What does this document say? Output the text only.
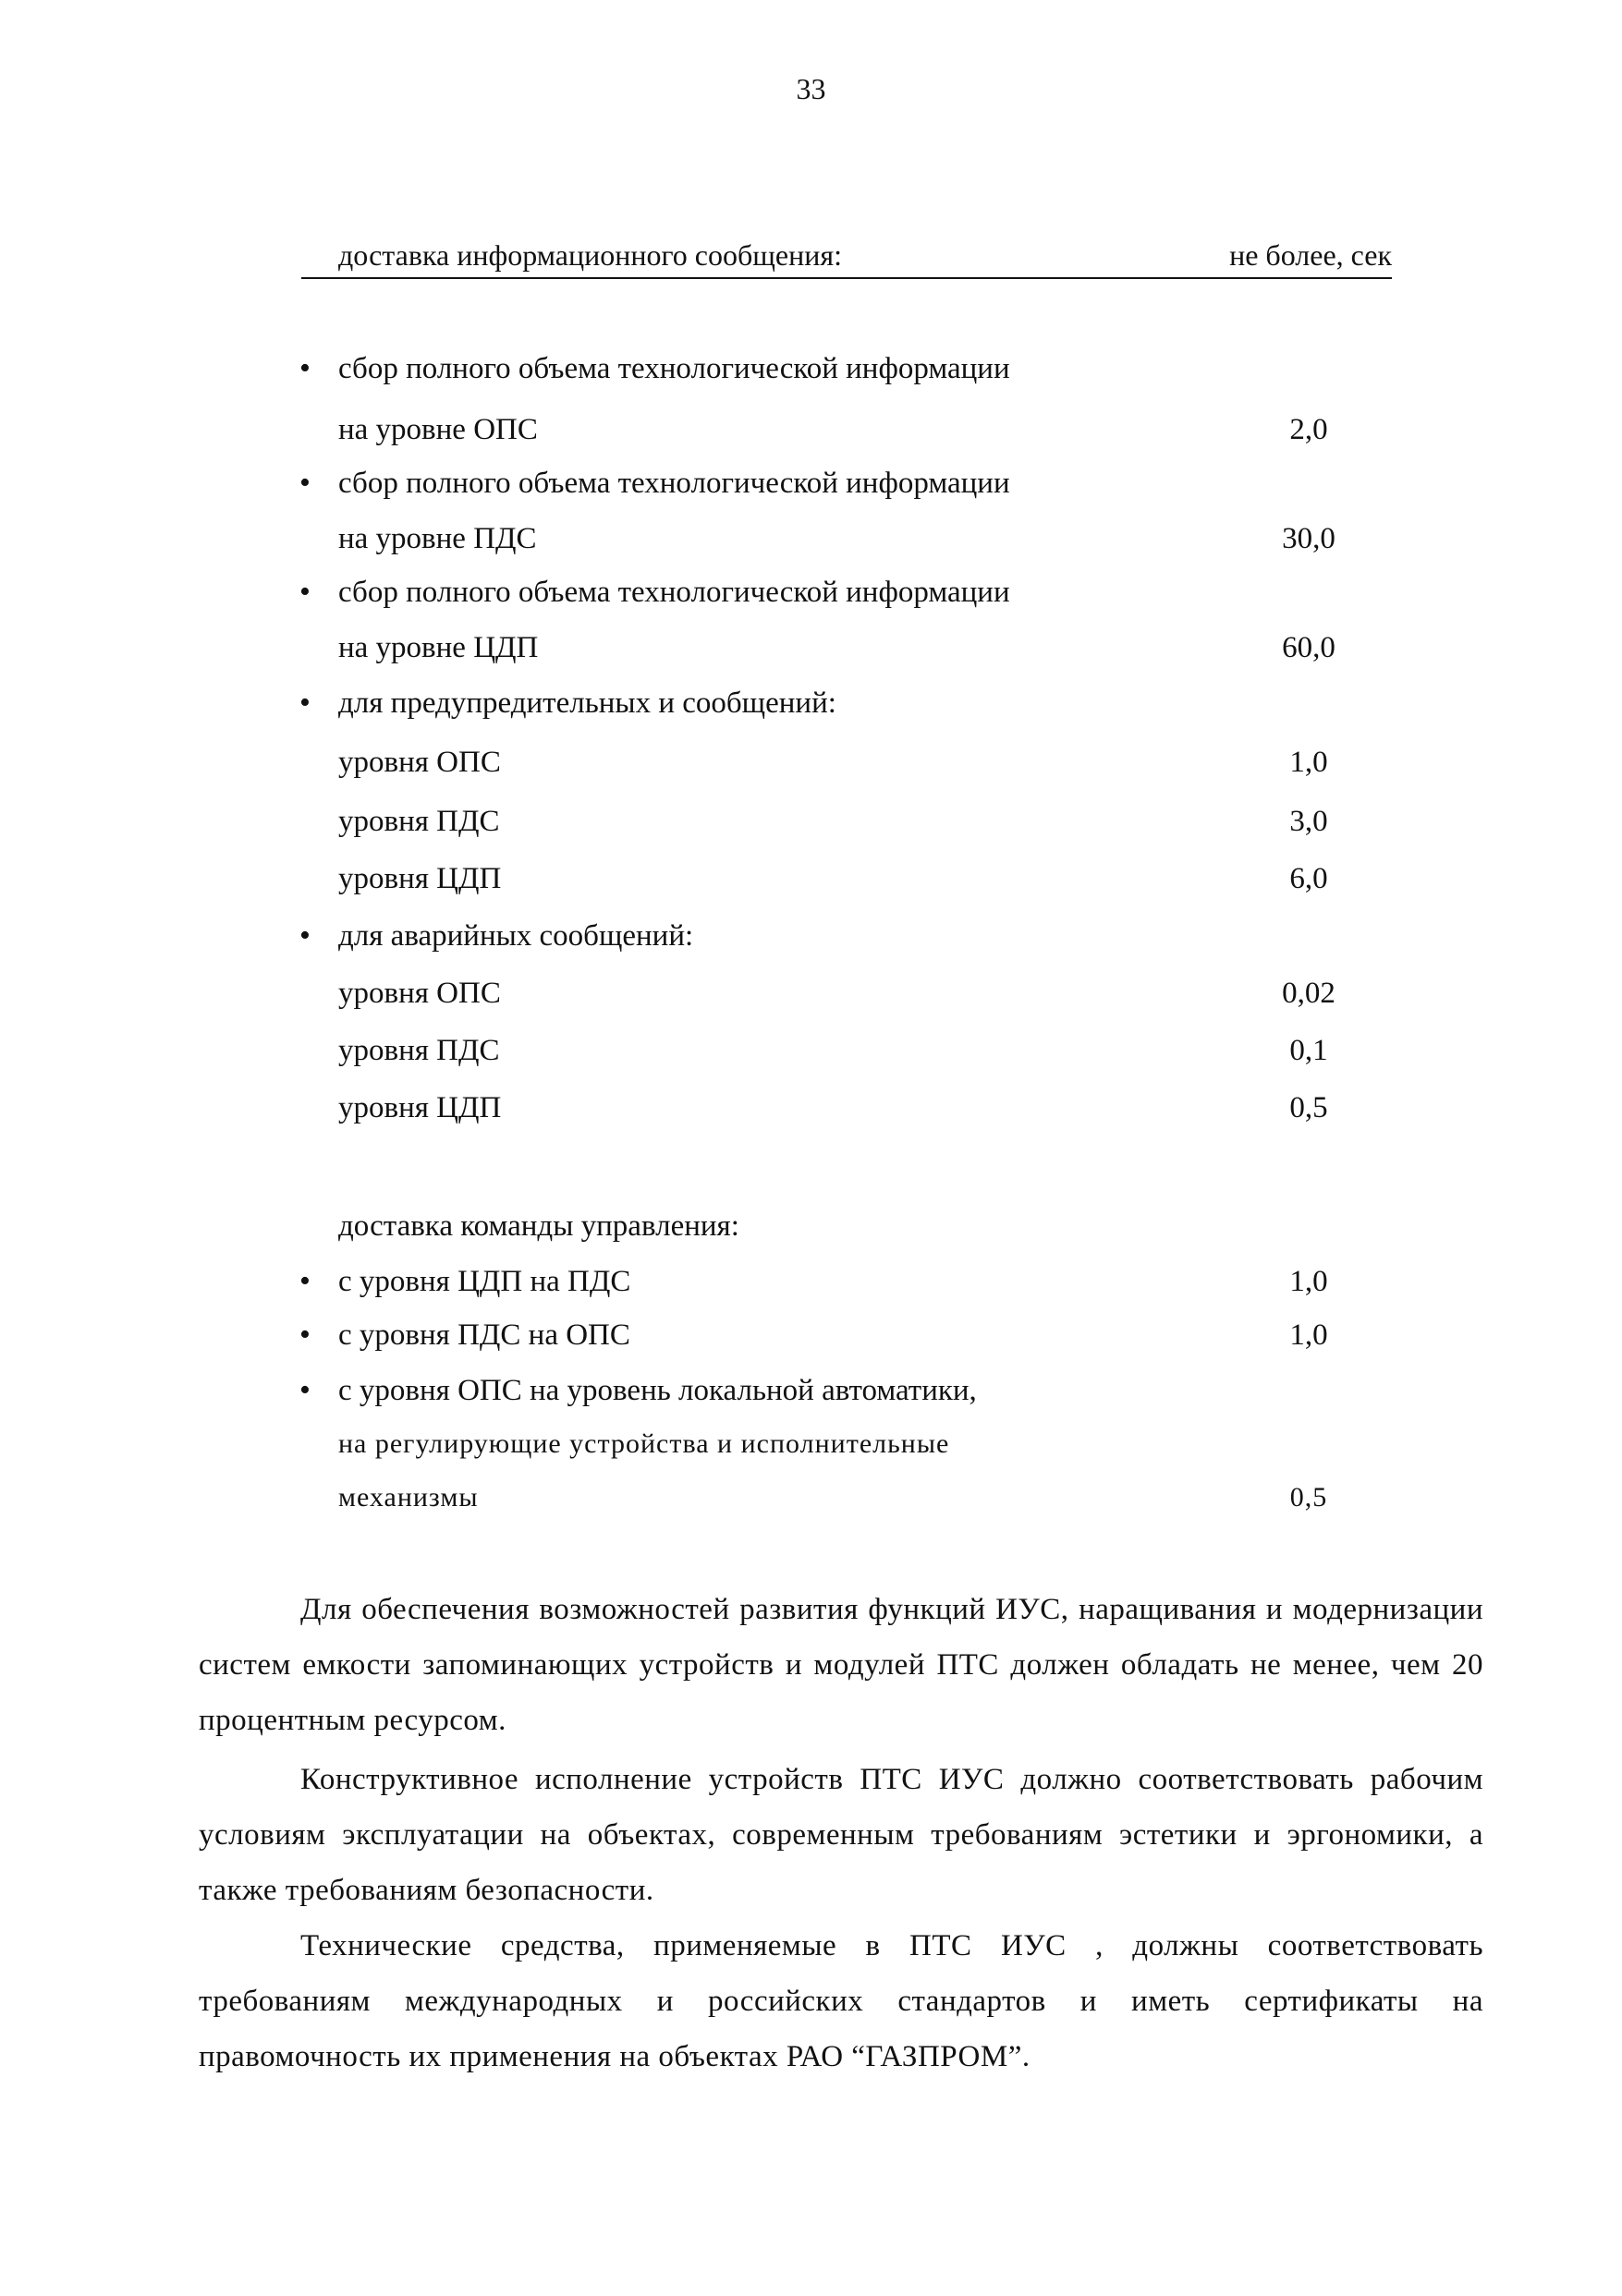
33
доставка информационного сообщения:	не более, сек
• сбор полного объема технологической информации
на уровне ОПС	2,0
• сбор полного объема технологической информации
на уровне ПДС	30,0
• сбор полного объема технологической информации
на уровне ЦДП	60,0
• для предупредительных и сообщений:
уровня ОПС	1,0
уровня ПДС	3,0
уровня ЦДП	6,0
• для аварийных сообщений:
уровня ОПС	0,02
уровня ПДС	0,1
уровня ЦДП	0,5
доставка команды управления:
• с уровня ЦДП на ПДС	1,0
• с уровня ПДС на ОПС	1,0
• с уровня ОПС на уровень локальной автоматики,
на регулирующие устройства и исполнительные
механизмы	0,5
Для обеспечения возможностей развития функций ИУС, наращивания и модернизации систем емкости запоминающих устройств и модулей ПТС должен обладать не менее, чем 20 процентным ресурсом.
Конструктивное исполнение устройств ПТС ИУС должно соответствовать рабочим условиям эксплуатации на объектах, современным требованиям эстетики и эргономики, а также требованиям безопасности.
Технические средства, применяемые в ПТС ИУС , должны соответствовать требованиям международных и российских стандартов и иметь сертификаты на правомочность их применения на объектах РАО “ГАЗПРОМ”.
